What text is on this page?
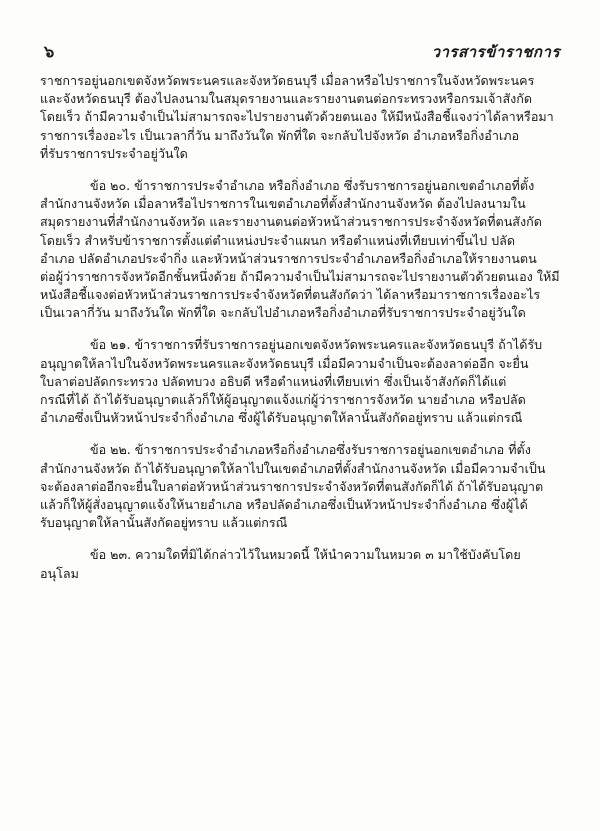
๖	วารสารข้าราชการ

ราชการอยู่นอกเขตจังหวัดพระนครและจังหวัดธนบุรี เมื่อลาหรือไปราชการในจังหวัดพระนคร

และจังหวัดธนบุรี ต้องไปลงนามในสมุดรายงานและรายงานตนต่อกระทรวงหรือกรมเจ้าสังกัด

โดยเร็ว ถ้ามีความจำเป็นไม่สามารถจะไปรายงานตัวด้วยตนเอง ให้มีหนังสือชี้แจงว่าได้ลาหรือมา

ราชการเรื่องอะไร เป็นเวลากี่วัน มาถึงวันใด พักที่ใด จะกลับไปจังหวัด อำเภอหรือกิ่งอำเภอ

ที่รับราชการประจำอยู่วันใด

ข้อ ๒๐. ข้าราชการประจำอำเภอ หรือกิ่งอำเภอ ซึ่งรับราชการอยู่นอกเขตอำเภอที่ตั้ง

สำนักงานจังหวัด เมื่อลาหรือไปราชการในเขตอำเภอที่ตั้งสำนักงานจังหวัด ต้องไปลงนามใน

สมุดรายงานที่สำนักงานจังหวัด และรายงานตนต่อหัวหน้าส่วนราชการประจำจังหวัดที่ตนสังกัด

โดยเร็ว สำหรับข้าราชการตั้งแต่ตำแหน่งประจำแผนก หรือตำแหน่งที่เทียบเท่าขึ้นไป ปลัด

อำเภอ ปลัดอำเภอประจำกิ่ง และหัวหน้าส่วนราชการประจำอำเภอหรือกิ่งอำเภอให้รายงานตน

ต่อผู้ว่าราชการจังหวัดอีกชั้นหนึ่งด้วย ถ้ามีความจำเป็นไม่สามารถจะไปรายงานตัวด้วยตนเอง ให้มี

หนังสือชี้แจงต่อหัวหน้าส่วนราชการประจำจังหวัดที่ตนสังกัดว่า ได้ลาหรือมาราชการเรื่องอะไร

เป็นเวลากี่วัน มาถึงวันใด พักที่ใด จะกลับไปอำเภอหรือกิ่งอำเภอที่รับราชการประจำอยู่วันใด

ข้อ ๒๑. ข้าราชการที่รับราชการอยู่นอกเขตจังหวัดพระนครและจังหวัดธนบุรี ถ้าได้รับ

อนุญาตให้ลาไปในจังหวัดพระนครและจังหวัดธนบุรี เมื่อมีความจำเป็นจะต้องลาต่ออีก จะยื่น

ใบลาต่อปลัดกระทรวง ปลัดทบวง อธิบดี หรือตำแหน่งที่เทียบเท่า ซึ่งเป็นเจ้าสังกัดก็ได้แต่

กรณีที่ได้ ถ้าได้รับอนุญาตแล้วก็ให้ผู้อนุญาตแจ้งแก่ผู้ว่าราชการจังหวัด นายอำเภอ หรือปลัด

อำเภอซึ่งเป็นหัวหน้าประจำกิ่งอำเภอ ซึ่งผู้ได้รับอนุญาตให้ลานั้นสังกัดอยู่ทราบ แล้วแต่กรณี

ข้อ ๒๒. ข้าราชการประจำอำเภอหรือกิ่งอำเภอซึ่งรับราชการอยู่นอกเขตอำเภอ ที่ตั้ง

สำนักงานจังหวัด ถ้าได้รับอนุญาตให้ลาไปในเขตอำเภอที่ตั้งสำนักงานจังหวัด เมื่อมีความจำเป็น

จะต้องลาต่ออีกจะยื่นใบลาต่อหัวหน้าส่วนราชการประจำจังหวัดที่ตนสังกัดก็ได้ ถ้าได้รับอนุญาต

แล้วก็ให้ผู้สั่งอนุญาตแจ้งให้นายอำเภอ หรือปลัดอำเภอซึ่งเป็นหัวหน้าประจำกิ่งอำเภอ ซึ่งผู้ได้

รับอนุญาตให้ลานั้นสังกัดอยู่ทราบ แล้วแต่กรณี

ข้อ ๒๓. ความใดที่มิได้กล่าวไว้ในหมวดนี้ ให้นำความในหมวด ๓ มาใช้บังคับโดย

อนุโลม
